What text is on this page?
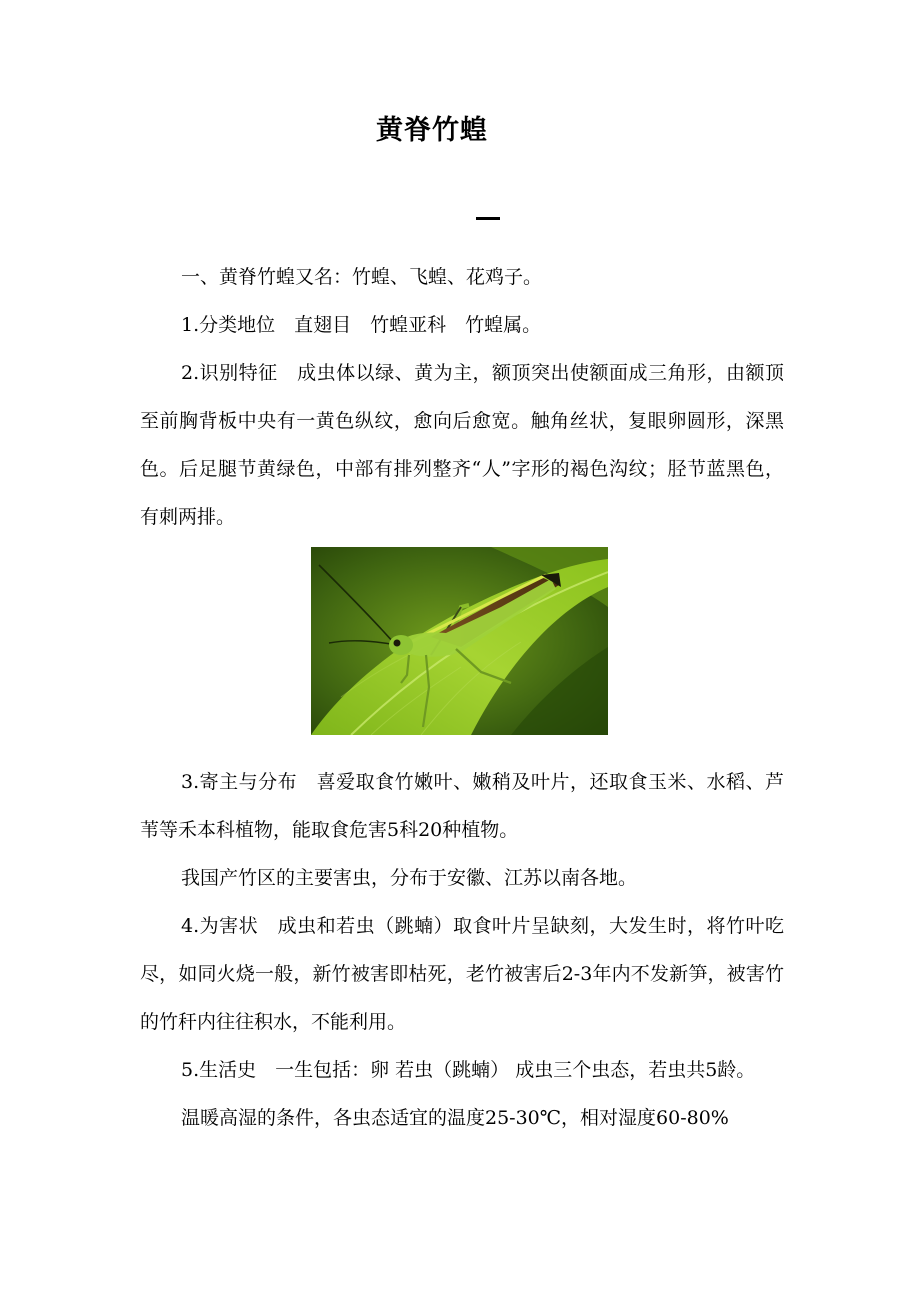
黄脊竹蝗

一、黄脊竹蝗又名：竹蝗、飞蝗、花鸡子。

1.分类地位　直翅目　竹蝗亚科　竹蝗属。

2.识别特征　成虫体以绿、黄为主，额顶突出使额面成三角形，由额顶至前胸背板中央有一黄色纵纹，愈向后愈宽。触角丝状，复眼卵圆形，深黑色。后足腿节黄绿色，中部有排列整齐“人”字形的褐色沟纹；胫节蓝黑色，有刺两排。

3.寄主与分布　喜爱取食竹嫩叶、嫩稍及叶片，还取食玉米、水稻、芦苇等禾本科植物，能取食危害5科20种植物。

我国产竹区的主要害虫，分布于安徽、江苏以南各地。

4.为害状　成虫和若虫（跳蝻）取食叶片呈缺刻，大发生时，将竹叶吃尽，如同火烧一般，新竹被害即枯死，老竹被害后2-3年内不发新笋，被害竹的竹秆内往往积水，不能利用。

5.生活史　一生包括：卵 若虫（跳蝻） 成虫三个虫态，若虫共5龄。

温暖高湿的条件，各虫态适宜的温度25-30℃，相对湿度60-80%
